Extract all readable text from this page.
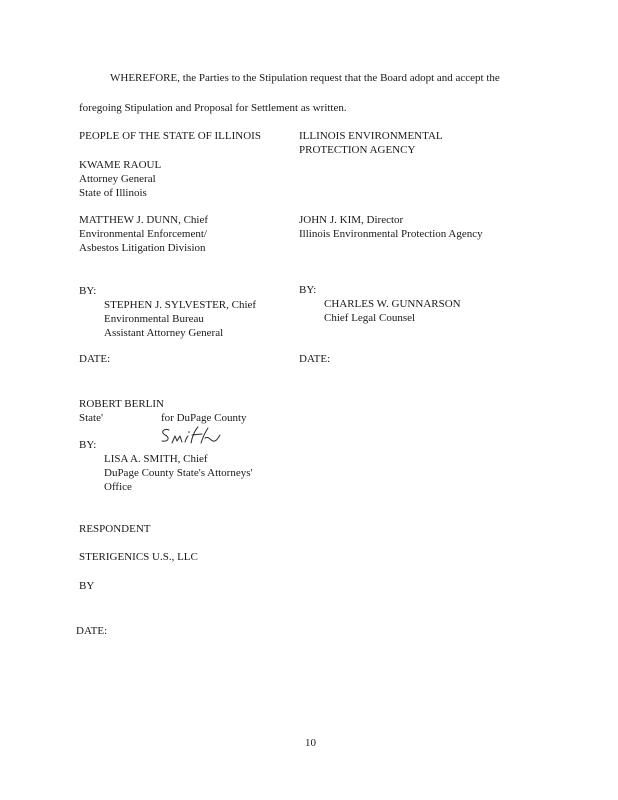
WHEREFORE, the Parties to the Stipulation request that the Board adopt and accept the
foregoing Stipulation and Proposal for Settlement as written.
PEOPLE OF THE STATE OF ILLINOIS
KWAME RAOUL
Attorney General
State of Illinois
MATTHEW J. DUNN, Chief
Environmental Enforcement/
Asbestos Litigation Division
BY:
STEPHEN J. SYLVESTER, Chief
Environmental Bureau
Assistant Attorney General
DATE:
ILLINOIS ENVIRONMENTAL
PROTECTION AGENCY
JOHN J. KIM, Director
Illinois Environmental Protection Agency
BY:
CHARLES W. GUNNARSON
Chief Legal Counsel
DATE:
ROBERT BERLIN
State'	for DuPage County
BY:
LISA A. SMITH, Chief
DuPage County State's Attorneys'
Office
RESPONDENT
STERIGENICS U.S., LLC
BY
DATE:
10
